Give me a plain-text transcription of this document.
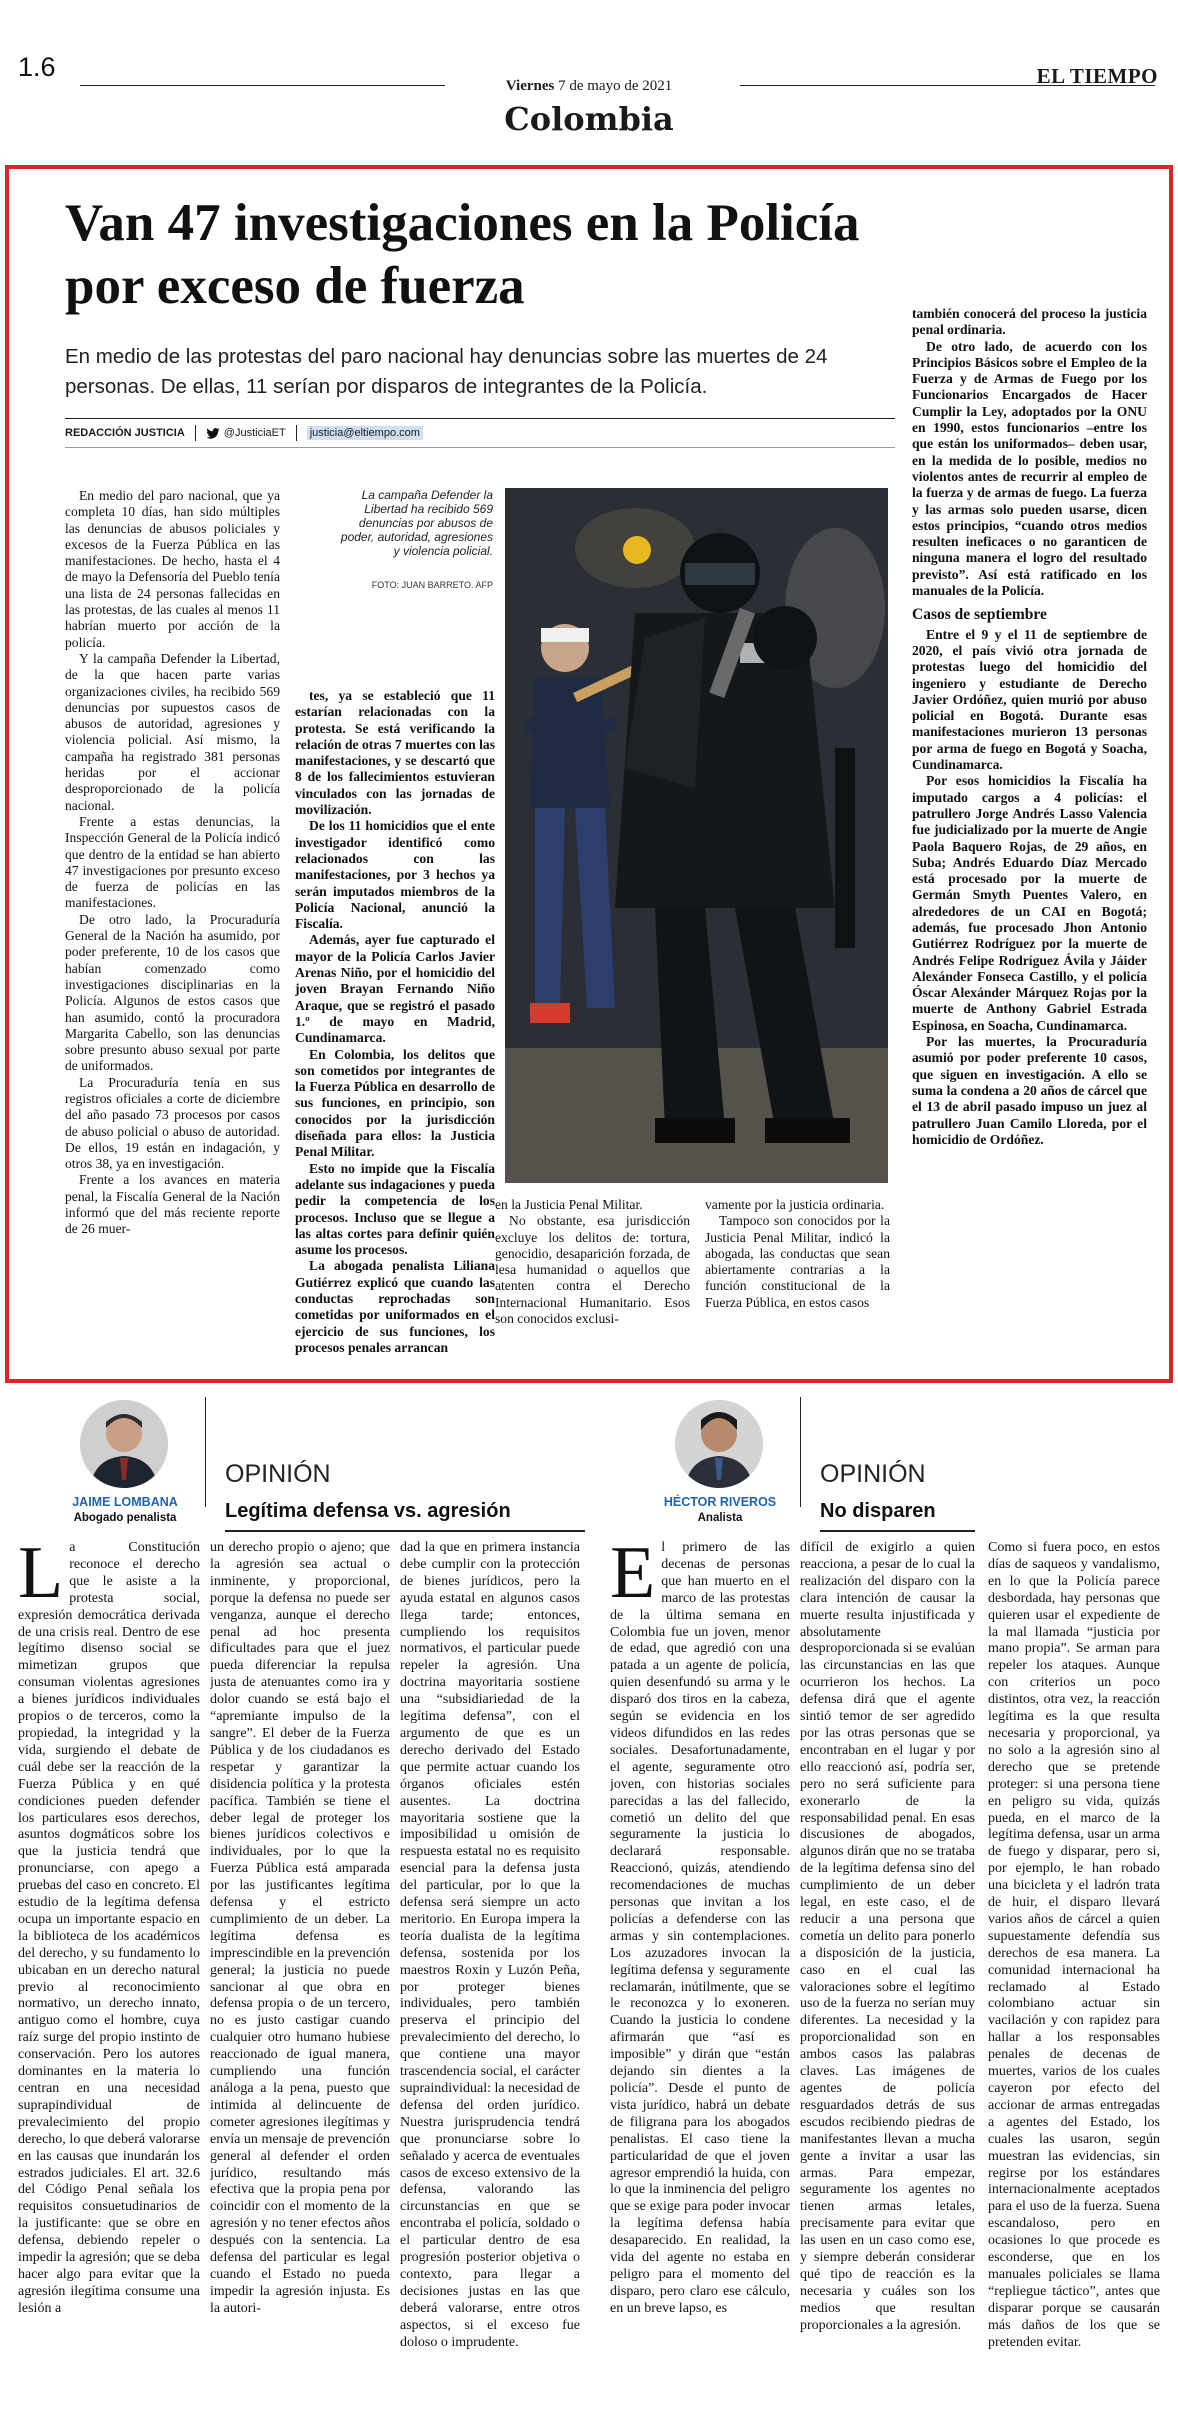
1.6
Viernes 7 de mayo de 2021	EL TIEMPO
Colombia
Van 47 investigaciones en la Policía por exceso de fuerza
En medio de las protestas del paro nacional hay denuncias sobre las muertes de 24 personas. De ellas, 11 serían por disparos de integrantes de la Policía.
REDACCIÓN JUSTICIA	@JusticiaET justicia@eltiempo.com

En medio del paro nacional, que ya completa 10 días, han sido múltiples las denuncias de abusos policiales y excesos de la Fuerza Pública en las manifestaciones. De hecho, hasta el 4 de mayo la Defensoría del Pueblo tenía una lista de 24 personas fallecidas en las protestas, de las cuales al menos 11 habrían muerto por acción de la policía.

Y la campaña Defender la Libertad, de la que hacen parte varias organizaciones civiles, ha recibido 569 denuncias por supuestos casos de abusos de autoridad, agresiones y violencia policial. Así mismo, la campaña ha registrado 381 personas heridas por el accionar desproporcionado de la policía nacional.

Frente a estas denuncias, la Inspección General de la Policía indicó que dentro de la entidad se han abierto 47 investigaciones por presunto exceso de fuerza de policías en las manifestaciones.

De otro lado, la Procuraduría General de la Nación ha asumido, por poder preferente, 10 de los casos que habían comenzado como investigaciones disciplinarias en la Policía. Algunos de estos casos que han asumido, contó la procuradora Margarita Cabello, son las denuncias sobre presunto abuso sexual por parte de uniformados.

La Procuraduría tenía en sus registros oficiales a corte de diciembre del año pasado 73 procesos por casos de abuso policial o abuso de autoridad. De ellos, 19 están en indagación, y otros 38, ya en investigación.

Frente a los avances en materia penal, la Fiscalía General de la Nación informó que del más reciente reporte de 26 muer-

La campaña Defender la Libertad ha recibido 569 denuncias por abusos de poder, autoridad, agresiones y violencia policial.
FOTO: JUAN BARRETO. AFP

tes, ya se estableció que 11 estarían relacionadas con la protesta. Se está verificando la relación de otras 7 muertes con las manifestaciones, y se descartó que 8 de los fallecimientos estuvieran vinculados con las jornadas de movilización.

De los 11 homicidios que el ente investigador identificó como relacionados con las manifestaciones, por 3 hechos ya serán imputados miembros de la Policía Nacional, anunció la Fiscalía.

Además, ayer fue capturado el mayor de la Policía Carlos Javier Arenas Niño, por el homicidio del joven Brayan Fernando Niño Araque, que se registró el pasado 1.º de mayo en Madrid, Cundinamarca.

En Colombia, los delitos que son cometidos por integrantes de la Fuerza Pública en desarrollo de sus funciones, en principio, son conocidos por la jurisdicción diseñada para ellos: la Justicia Penal Militar.

Esto no impide que la Fiscalía adelante sus indagaciones y pueda pedir la competencia de los procesos. Incluso que se llegue a las altas cortes para definir quién asume los procesos.

La abogada penalista Liliana Gutiérrez explicó que cuando las conductas reprochadas son cometidas por uniformados en el ejercicio de sus funciones, los procesos penales arrancan

en la Justicia Penal Militar.

No obstante, esa jurisdicción excluye los delitos de: tortura, genocidio, desaparición forzada, de lesa humanidad o aquellos que atenten contra el Derecho Internacional Humanitario. Esos son conocidos exclusi-

vamente por la justicia ordinaria.

Tampoco son conocidos por la Justicia Penal Militar, indicó la abogada, las conductas que sean abiertamente contrarias a la función constitucional de la Fuerza Pública, en estos casos

también conocerá del proceso la justicia penal ordinaria.

De otro lado, de acuerdo con los Principios Básicos sobre el Empleo de la Fuerza y de Armas de Fuego por los Funcionarios Encargados de Hacer Cumplir la Ley, adoptados por la ONU en 1990, estos funcionarios –entre los que están los uniformados– deben usar, en la medida de lo posible, medios no violentos antes de recurrir al empleo de la fuerza y de armas de fuego. La fuerza y las armas solo pueden usarse, dicen estos principios, “cuando otros medios resulten ineficaces o no garanticen de ninguna manera el logro del resultado previsto”. Así está ratificado en los manuales de la Policía.

Casos de septiembre

Entre el 9 y el 11 de septiembre de 2020, el país vivió otra jornada de protestas luego del homicidio del ingeniero y estudiante de Derecho Javier Ordóñez, quien murió por abuso policial en Bogotá. Durante esas manifestaciones murieron 13 personas por arma de fuego en Bogotá y Soacha, Cundinamarca.

Por esos homicidios la Fiscalía ha imputado cargos a 4 policías: el patrullero Jorge Andrés Lasso Valencia fue judicializado por la muerte de Angie Paola Baquero Rojas, de 29 años, en Suba; Andrés Eduardo Díaz Mercado está procesado por la muerte de Germán Smyth Puentes Valero, en alrededores de un CAI en Bogotá; además, fue procesado Jhon Antonio Gutiérrez Rodríguez por la muerte de Andrés Felipe Rodríguez Ávila y Jáider Alexánder Fonseca Castillo, y el policía Óscar Alexánder Márquez Rojas por la muerte de Anthony Gabriel Estrada Espinosa, en Soacha, Cundinamarca.

Por las muertes, la Procuraduría asumió por poder preferente 10 casos, que siguen en investigación. A ello se suma la condena a 20 años de cárcel que el 13 de abril pasado impuso un juez al patrullero Juan Camilo Lloreda, por el homicidio de Ordóñez.

JAIME LOMBANA
Abogado penalista
OPINIÓN
Legítima defensa vs. agresión
L a Constitución reconoce el derecho que le asiste a la protesta social, expresión democrática derivada de una crisis real. Dentro de ese legítimo disenso social se mimetizan grupos que consuman violentas agresiones a bienes jurídicos individuales propios o de terceros, como la propiedad, la integridad y la vida, surgiendo el debate de cuál debe ser la reacción de la Fuerza Pública y en qué condiciones pueden defender los particulares esos derechos, asuntos dogmáticos sobre los que la justicia tendrá que pronunciarse, con apego a pruebas del caso en concreto. El estudio de la legítima defensa ocupa un importante espacio en la biblioteca de los académicos del derecho, y su fundamento lo ubicaban en un derecho natural previo al reconocimiento normativo, un derecho innato, antiguo como el hombre, cuya raíz surge del propio instinto de conservación. Pero los autores dominantes en la materia lo centran en una necesidad suprapindividual de prevalecimiento del propio derecho, lo que deberá valorarse en las causas que inundarán los estrados judiciales. El art. 32.6 del Código Penal señala los requisitos consuetudinarios de la justificante: que se obre en defensa, debiendo repeler o impedir la agresión; que se deba hacer algo para evitar que la agresión ilegítima consume una lesión a

un derecho propio o ajeno; que la agresión sea actual o inminente, y proporcional, porque la defensa no puede ser venganza, aunque el derecho penal ad hoc presenta dificultades para que el juez pueda diferenciar la repulsa justa de atenuantes como ira y dolor cuando se está bajo el “apremiante impulso de la sangre”. El deber de la Fuerza Pública y de los ciudadanos es respetar y garantizar la disidencia política y la protesta pacífica. También se tiene el deber legal de proteger los bienes jurídicos colectivos e individuales, por lo que la Fuerza Pública está amparada por las justificantes legítima defensa y el estricto cumplimiento de un deber. La legítima defensa es imprescindible en la prevención general; la justicia no puede sancionar al que obra en defensa propia o de un tercero, no es justo castigar cuando cualquier otro humano hubiese reaccionado de igual manera, cumpliendo una función análoga a la pena, puesto que intimida al delincuente de cometer agresiones ilegítimas y envía un mensaje de prevención general al defender el orden jurídico, resultando más efectiva que la propia pena por coincidir con el momento de la agresión y no tener efectos años después con la sentencia. La defensa del particular es legal cuando el Estado no pueda impedir la agresión injusta. Es la autori-

dad la que en primera instancia debe cumplir con la protección de bienes jurídicos, pero la ayuda estatal en algunos casos llega tarde; entonces, cumpliendo los requisitos normativos, el particular puede repeler la agresión. Una doctrina mayoritaria sostiene una “subsidiariedad de la legítima defensa”, con el argumento de que es un derecho derivado del Estado que permite actuar cuando los órganos oficiales estén ausentes. La doctrina mayoritaria sostiene que la imposibilidad u omisión de respuesta estatal no es requisito esencial para la defensa justa del particular, por lo que la defensa será siempre un acto meritorio. En Europa impera la teoría dualista de la legítima defensa, sostenida por los maestros Roxin y Luzón Peña, por proteger bienes individuales, pero también preserva el principio del prevalecimiento del derecho, lo que contiene una mayor trascendencia social, el carácter supraindividual: la necesidad de defensa del orden jurídico. Nuestra jurisprudencia tendrá que pronunciarse sobre lo señalado y acerca de eventuales casos de exceso extensivo de la defensa, valorando las circunstancias en que se encontraba el policía, soldado o el particular dentro de esa progresión posterior objetiva o contexto, para llegar a decisiones justas en las que deberá valorarse, entre otros aspectos, si el exceso fue doloso o imprudente.

HÉCTOR RIVEROS
Analista
OPINIÓN
No disparen
E l primero de las decenas de personas que han muerto en el marco de las protestas de la última semana en Colombia fue un joven, menor de edad, que agredió con una patada a un agente de policía, quien desenfundó su arma y le disparó dos tiros en la cabeza, según se evidencia en los videos difundidos en las redes sociales. Desafortunadamente, el agente, seguramente otro joven, con historias sociales parecidas a las del fallecido, cometió un delito del que seguramente la justicia lo declarará responsable. Reaccionó, quizás, atendiendo recomendaciones de muchas personas que invitan a los policías a defenderse con las armas y sin contemplaciones. Los azuzadores invocan la legítima defensa y seguramente reclamarán, inútilmente, que se le reconozca y lo exoneren. Cuando la justicia lo condene afirmarán que “así es imposible” y dirán que “están dejando sin dientes a la policía”. Desde el punto de vista jurídico, habrá un debate de filigrana para los abogados penalistas. El caso tiene la particularidad de que el joven agresor emprendió la huida, con lo que la inminencia del peligro que se exige para poder invocar la legítima defensa había desaparecido. En realidad, la vida del agente no estaba en peligro para el momento del disparo, pero claro ese cálculo, en un breve lapso, es

difícil de exigirlo a quien reacciona, a pesar de lo cual la realización del disparo con la clara intención de causar la muerte resulta injustificada y absolutamente desproporcionada si se evalúan las circunstancias en las que ocurrieron los hechos. La defensa dirá que el agente sintió temor de ser agredido por las otras personas que se encontraban en el lugar y por ello reaccionó así, podría ser, pero no será suficiente para exonerarlo de la responsabilidad penal. En esas discusiones de abogados, algunos dirán que no se trataba de la legítima defensa sino del cumplimiento de un deber legal, en este caso, el de reducir a una persona que cometía un delito para ponerlo a disposición de la justicia, caso en el cual las valoraciones sobre el legítimo uso de la fuerza no serían muy diferentes. La necesidad y la proporcionalidad son en ambos casos las palabras claves. Las imágenes de agentes de policía resguardados detrás de sus escudos recibiendo piedras de manifestantes llevan a mucha gente a invitar a usar las armas. Para empezar, seguramente los agentes no tienen armas letales, precisamente para evitar que las usen en un caso como ese, y siempre deberán considerar qué tipo de reacción es la necesaria y cuáles son los medios que resultan proporcionales a la agresión.

Como si fuera poco, en estos días de saqueos y vandalismo, en lo que la Policía parece desbordada, hay personas que quieren usar el expediente de la mal llamada “justicia por mano propia”. Se arman para repeler los ataques. Aunque con criterios un poco distintos, otra vez, la reacción legítima es la que resulta necesaria y proporcional, ya no solo a la agresión sino al derecho que se pretende proteger: si una persona tiene en peligro su vida, quizás pueda, en el marco de la legítima defensa, usar un arma de fuego y disparar, pero si, por ejemplo, le han robado una bicicleta y el ladrón trata de huir, el disparo llevará varios años de cárcel a quien supuestamente defendía sus derechos de esa manera. La comunidad internacional ha reclamado al Estado colombiano actuar sin vacilación y con rapidez para hallar a los responsables penales de decenas de muertes, varios de los cuales cayeron por efecto del accionar de armas entregadas a agentes del Estado, los cuales las usaron, según muestran las evidencias, sin regirse por los estándares internacionalmente aceptados para el uso de la fuerza. Suena escandaloso, pero en ocasiones lo que procede es esconderse, que en los manuales policiales se llama “repliegue táctico”, antes que disparar porque se causarán más daños de los que se pretenden evitar.
